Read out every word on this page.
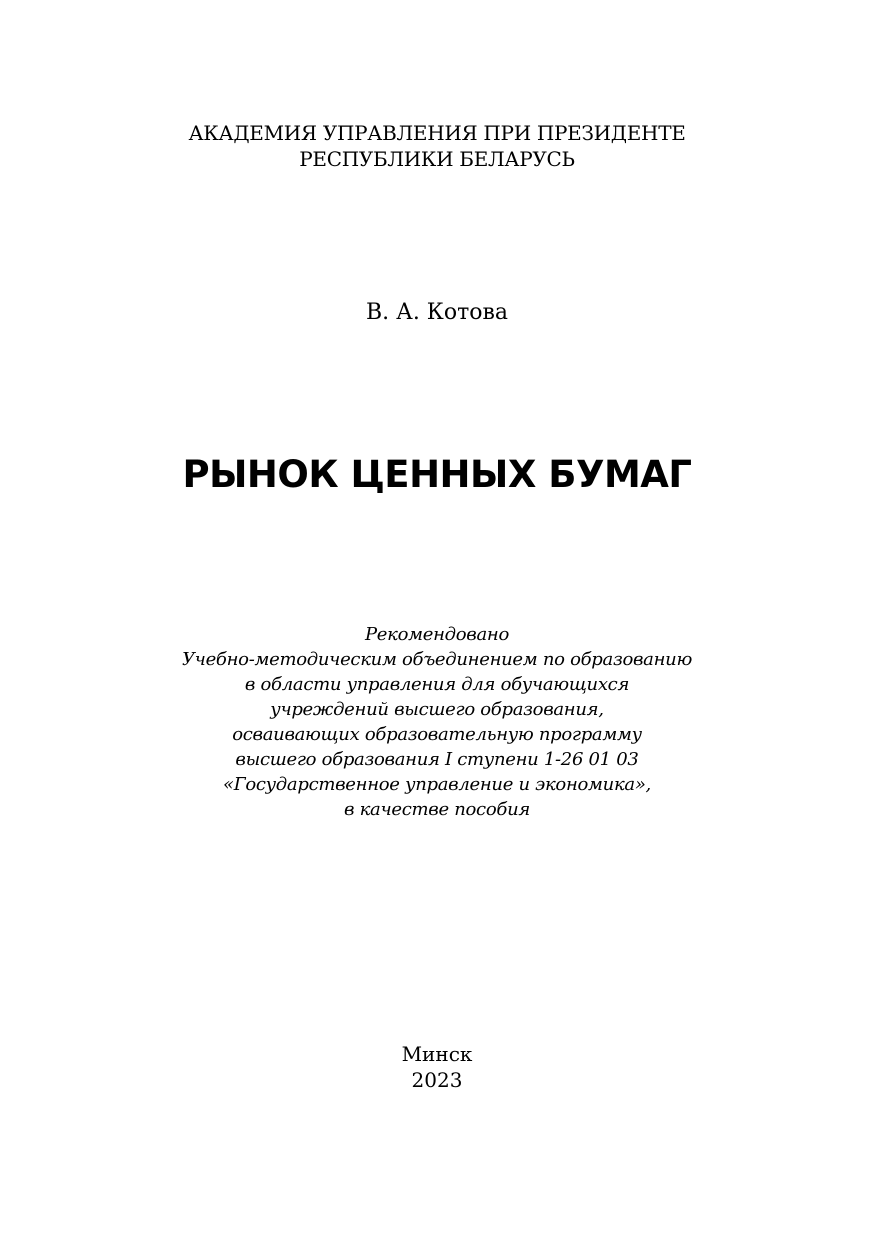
АКАДЕМИЯ УПРАВЛЕНИЯ ПРИ ПРЕЗИДЕНТЕ
РЕСПУБЛИКИ БЕЛАРУСЬ
В. А. Котова
РЫНОК ЦЕННЫХ БУМАГ
Рекомендовано
Учебно-методическим объединением по образованию
в области управления для обучающихся
учреждений высшего образования,
осваивающих образовательную программу
высшего образования I ступени 1-26 01 03
«Государственное управление и экономика»,
в качестве пособия
Минск
2023
